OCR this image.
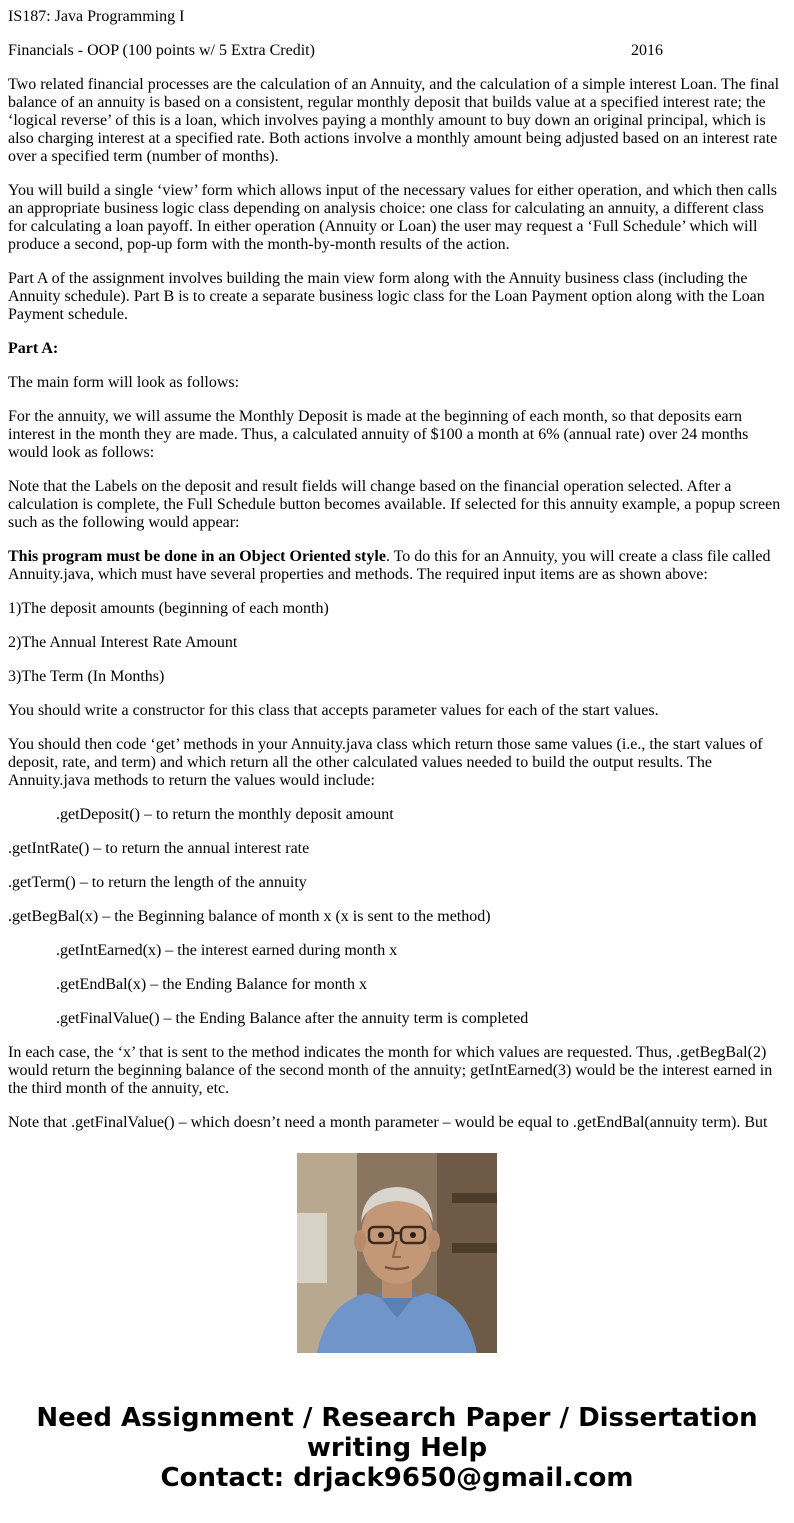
IS187: Java Programming I

Financials - OOP (100 points w/ 5 Extra Credit)	2016

Two related financial processes are the calculation of an Annuity, and the calculation of a simple interest Loan. The final balance of an annuity is based on a consistent, regular monthly deposit that builds value at a specified interest rate; the ‘logical reverse’ of this is a loan, which involves paying a monthly amount to buy down an original principal, which is also charging interest at a specified rate. Both actions involve a monthly amount being adjusted based on an interest rate over a specified term (number of months).

You will build a single ‘view’ form which allows input of the necessary values for either operation, and which then calls an appropriate business logic class depending on analysis choice: one class for calculating an annuity, a different class for calculating a loan payoff. In either operation (Annuity or Loan) the user may request a ‘Full Schedule’ which will produce a second, pop-up form with the month-by-month results of the action.

Part A of the assignment involves building the main view form along with the Annuity business class (including the Annuity schedule). Part B is to create a separate business logic class for the Loan Payment option along with the Loan Payment schedule.

Part A:

The main form will look as follows:

For the annuity, we will assume the Monthly Deposit is made at the beginning of each month, so that deposits earn interest in the month they are made. Thus, a calculated annuity of $100 a month at 6% (annual rate) over 24 months would look as follows:

Note that the Labels on the deposit and result fields will change based on the financial operation selected. After a calculation is complete, the Full Schedule button becomes available. If selected for this annuity example, a popup screen such as the following would appear:

This program must be done in an Object Oriented style. To do this for an Annuity, you will create a class file called Annuity.java, which must have several properties and methods. The required input items are as shown above:

1)The deposit amounts (beginning of each month)

2)The Annual Interest Rate Amount

3)The Term (In Months)

You should write a constructor for this class that accepts parameter values for each of the start values.

You should then code ‘get’ methods in your Annuity.java class which return those same values (i.e., the start values of deposit, rate, and term) and which return all the other calculated values needed to build the output results. The Annuity.java methods to return the values would include:

.getDeposit() – to return the monthly deposit amount

.getIntRate() – to return the annual interest rate

.getTerm() – to return the length of the annuity

.getBegBal(x) – the Beginning balance of month x (x is sent to the method)

.getIntEarned(x) – the interest earned during month x

.getEndBal(x) – the Ending Balance for month x

.getFinalValue() – the Ending Balance after the annuity term is completed

In each case, the ‘x’ that is sent to the method indicates the month for which values are requested. Thus, .getBegBal(2) would return the beginning balance of the second month of the annuity; getIntEarned(3) would be the interest earned in the third month of the annuity, etc.

Note that .getFinalValue() – which doesn’t need a month parameter – would be equal to .getEndBal(annuity term). But

Need Assignment / Research Paper / Dissertation
writing Help
Contact: drjack9650@gmail.com
